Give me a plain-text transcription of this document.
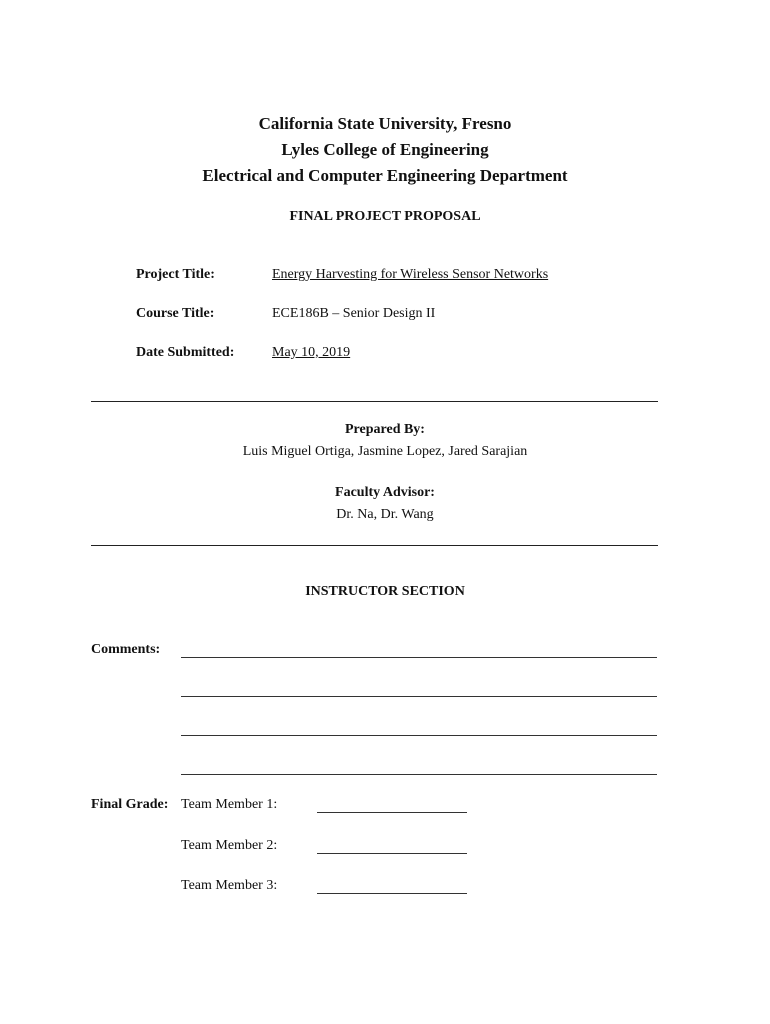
California State University, Fresno
Lyles College of Engineering
Electrical and Computer Engineering Department
FINAL PROJECT PROPOSAL
Project Title:	Energy Harvesting for Wireless Sensor Networks
Course Title:	ECE186B – Senior Design II
Date Submitted:	May 10, 2019
Prepared By:
Luis Miguel Ortiga, Jasmine Lopez, Jared Sarajian
Faculty Advisor:
Dr. Na, Dr. Wang
INSTRUCTOR SECTION
Comments:
Final Grade: Team Member 1:
Team Member 2:
Team Member 3:
